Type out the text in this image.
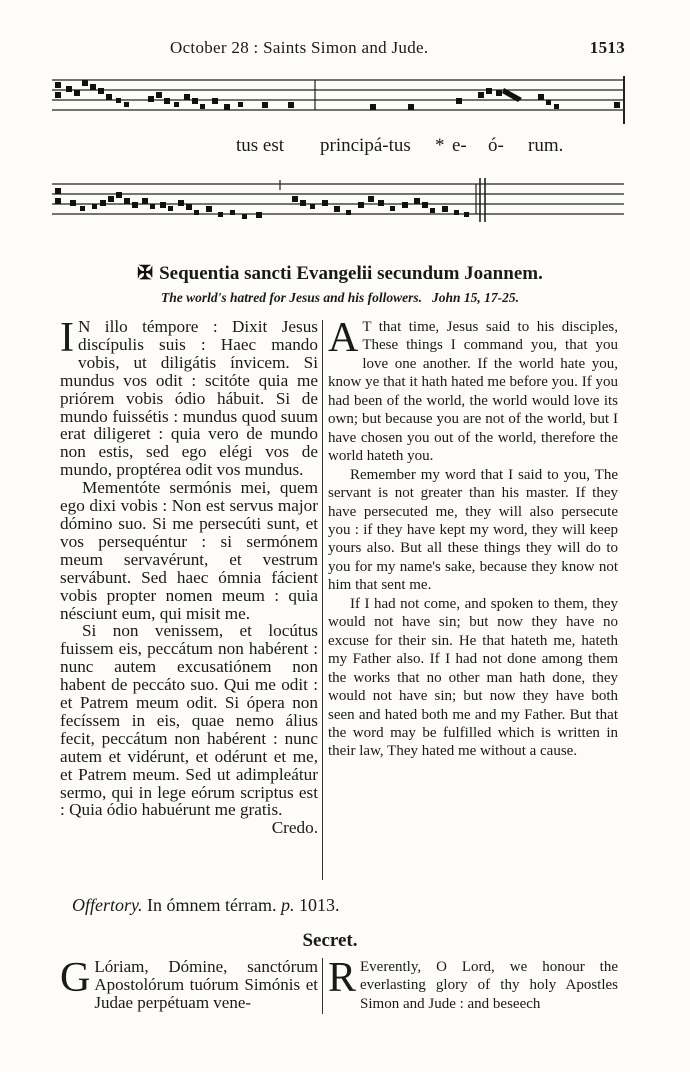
October 28 : Saints Simon and Jude.	1513
tus est principá-tus * e- ó- rum.
✠ Sequentia sancti Evangelii secundum Joannem.
The world's hatred for Jesus and his followers. John 15, 17-25.

I N illo témpore : Dixit Jesus discípulis suis : Haec mando vobis, ut diligátis ínvicem. Si mundus vos odit : scitóte quia me priórem vobis ódio hábuit. Si de mundo fuissétis : mundus quod suum erat diligeret : quia vero de mundo non estis, sed ego elégi vos de mundo, proptérea odit vos mundus.

Mementóte sermónis mei, quem ego dixi vobis : Non est servus major dómino suo. Si me persecúti sunt, et vos persequéntur : si sermónem meum servavérunt, et vestrum servábunt. Sed haec ómnia fácient vobis propter nomen meum : quia nésciunt eum, qui misit me.

Si non venissem, et locútus fuissem eis, peccátum non habérent : nunc autem excusatiónem non habent de peccáto suo. Qui me odit : et Patrem meum odit. Si ópera non fecíssem in eis, quae nemo álius fecit, peccátum non habérent : nunc autem et vidérunt, et odérunt et me, et Patrem meum. Sed ut adimpleátur sermo, qui in lege eórum scriptus est : Quia ódio habuérunt me gratis.
Credo.

A T that time, Jesus said to his disciples, These things I command you, that you love one another. If the world hate you, know ye that it hath hated me before you. If you had been of the world, the world would love its own; but because you are not of the world, but I have chosen you out of the world, therefore the world hateth you.

Remember my word that I said to you, The servant is not greater than his master. If they have persecuted me, they will also persecute you : if they have kept my word, they will keep yours also. But all these things they will do to you for my name's sake, because they know not him that sent me.

If I had not come, and spoken to them, they would not have sin; but now they have no excuse for their sin. He that hateth me, hateth my Father also. If I had not done among them the works that no other man hath done, they would not have sin; but now they have both seen and hated both me and my Father. But that the word may be fulfilled which is written in their law, They hated me without a cause.

Offertory. In ómnem térram. p. 1013.
Secret.

G Lóriam, Dómine, sanctórum Apostolórum tuórum Simónis et Judae perpétuam vene-

R Everently, O Lord, we honour the everlasting glory of thy holy Apostles Simon and Jude : and beseech
